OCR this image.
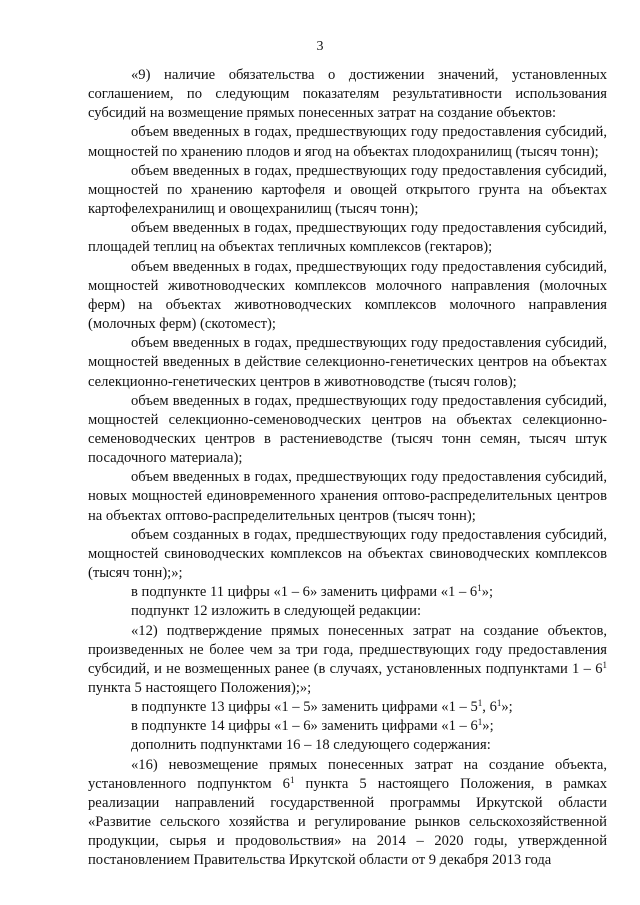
3

«9) наличие обязательства о достижении значений, установленных соглашением, по следующим показателям результативности использования субсидий на возмещение прямых понесенных затрат на создание объектов:

объем введенных в годах, предшествующих году предоставления субсидий, мощностей по хранению плодов и ягод на объектах плодохранилищ (тысяч тонн);

объем введенных в годах, предшествующих году предоставления субсидий, мощностей по хранению картофеля и овощей открытого грунта на объектах картофелехранилищ и овощехранилищ (тысяч тонн);

объем введенных в годах, предшествующих году предоставления субсидий, площадей теплиц на объектах тепличных комплексов (гектаров);

объем введенных в годах, предшествующих году предоставления субсидий, мощностей животноводческих комплексов молочного направления (молочных ферм) на объектах животноводческих комплексов молочного направления (молочных ферм) (скотомест);

объем введенных в годах, предшествующих году предоставления субсидий, мощностей введенных в действие селекционно-генетических центров на объектах селекционно-генетических центров в животноводстве (тысяч голов);

объем введенных в годах, предшествующих году предоставления субсидий, мощностей селекционно-семеноводческих центров на объектах селекционно-семеноводческих центров в растениеводстве (тысяч тонн семян, тысяч штук посадочного материала);

объем введенных в годах, предшествующих году предоставления субсидий, новых мощностей единовременного хранения оптово-распределительных центров на объектах оптово-распределительных центров (тысяч тонн);

объем созданных в годах, предшествующих году предоставления субсидий, мощностей свиноводческих комплексов на объектах свиноводческих комплексов (тысяч тонн);»;

в подпункте 11 цифры «1 – 6» заменить цифрами «$1 - 6^1$»;

подпункт 12 изложить в следующей редакции:

«12) подтверждение прямых понесенных затрат на создание объектов, произведенных не более чем за три года, предшествующих году предоставления субсидий, и не возмещенных ранее (в случаях, установленных подпунктами $1 - 6^1$ пункта 5 настоящего Положения);»;

в подпункте 13 цифры «1 – 5» заменить цифрами «$1 - 5^1$, $6^1$»;

в подпункте 14 цифры «1 – 6» заменить цифрами «$1 - 6^1$»;

дополнить подпунктами 16 – 18 следующего содержания:

«16) невозмещение прямых понесенных затрат на создание объекта, установленного подпунктом $6^1$ пункта 5 настоящего Положения, в рамках реализации направлений государственной программы Иркутской области «Развитие сельского хозяйства и регулирование рынков сельскохозяйственной продукции, сырья и продовольствия» на 2014 – 2020 годы, утвержденной постановлением Правительства Иркутской области от 9 декабря 2013 года
